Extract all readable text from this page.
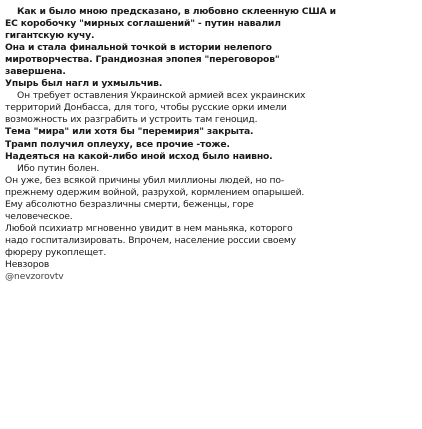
Как и было мною предсказано, в любовно склеенную США и
ЕС коробочку "мирных соглашений" - путин навалил
гигантскую кучу.
Она и стала финальной точкой в истории нелепого
миротворчества. Грандиозная эпопея "переговоров"
завершена.
Упырь был нагл и ухмыльчив.
Он требует оставления Украинской армией всех украинских
территорий Донбасса, для того, чтобы русские орки имели
возможность их разграбить и устроить там геноцид.
Тема "мира" или хотя бы "перемирия" закрыта.
Трамп получил оплеуху, все прочие -тоже.
Надеяться на какой-либо иной исход было наивно.
Ибо путин болен.
Он уже, без всякой причины убил миллионы людей, но по-
прежнему одержим войной, разрухой, кормлением опарышей.
Ему абсолютно безразличны смерти, беженцы, горе
человеческое.
Любой психиатр мгновенно увидит в нем маньяка, которого
надо госпитализировать. Впрочем, население россии своему
фюреру рукоплещет.
Невзоров
@nevzorovtv
